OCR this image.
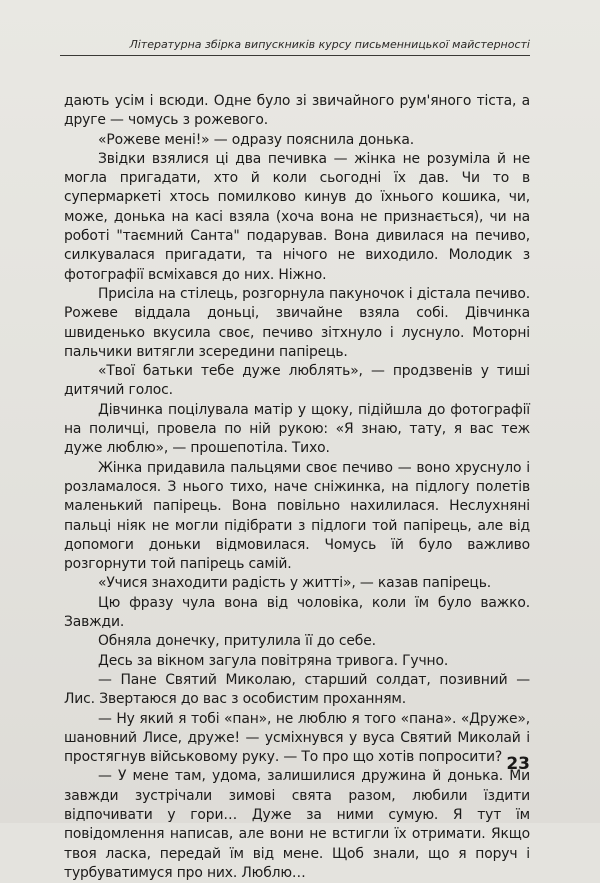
Літературна збірка випускників курсу письменницької майстерності

дають усім і всюди. Одне було зі звичайного рум'яного тіста, а друге — чомусь з рожевого.

«Рожеве мені!» — одразу пояснила донька.

Звідки взялися ці два печивка — жінка не розуміла й не могла пригадати, хто й коли сьогодні їх дав. Чи то в супермаркеті хтось помилково кинув до їхнього кошика, чи, може, донька на касі взяла (хоча вона не признається), чи на роботі "таємний Санта" подарував. Вона дивилася на печиво, силкувалася пригадати, та нічого не виходило. Молодик з фотографії всміхався до них. Ніжно.

Присіла на стілець, розгорнула пакуночок і дістала печиво. Рожеве віддала доньці, звичайне взяла собі. Дівчинка швиденько вкусила своє, печиво зітхнуло і луснуло. Моторні пальчики витягли зсередини папірець.

«Твої батьки тебе дуже люблять», — продзвенів у тиші дитячий голос.

Дівчинка поцілувала матір у щоку, підійшла до фотографії на поличці, провела по ній рукою: «Я знаю, тату, я вас теж дуже люблю», — прошепотіла. Тихо.

Жінка придавила пальцями своє печиво — воно хруснуло і розламалося. З нього тихо, наче сніжинка, на підлогу полетів маленький папірець. Вона повільно нахилилася. Неслухняні пальці ніяк не могли підібрати з підлоги той папірець, але від допомоги доньки відмовилася. Чомусь їй було важливо розгорнути той папірець самій.

«Учися знаходити радість у житті», — казав папірець.

Цю фразу чула вона від чоловіка, коли їм було важко. Завжди.

Обняла донечку, притулила її до себе.

Десь за вікном загула повітряна тривога. Гучно.

— Пане Святий Миколаю, старший солдат, позивний — Лис. Звертаюся до вас з особистим проханням.

— Ну який я тобі «пан», не люблю я того «пана». «Друже», шановний Лисе, друже! — усміхнувся у вуса Святий Миколай і простягнув військовому руку. — То про що хотів попросити?

— У мене там, удома, залишилися дружина й донька. Ми завжди зустрічали зимові свята разом, любили їздити відпочивати у гори… Дуже за ними сумую. Я тут їм повідомлення написав, але вони не встигли їх отримати. Якщо твоя ласка, передай їм від мене. Щоб знали, що я поруч і турбуватимуся про них. Люблю…

23
